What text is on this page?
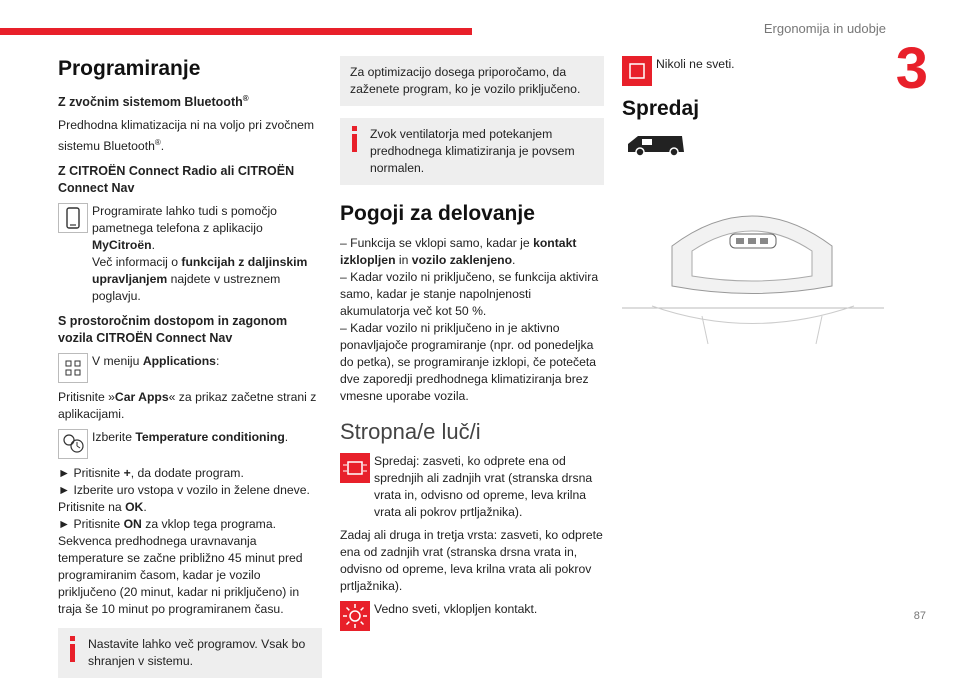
Ergonomija in udobje
3
87
Programiranje
Z zvočnim sistemom Bluetooth®

Predhodna klimatizacija ni na voljo pri zvočnem sistemu Bluetooth®.

Z CITROËN Connect Radio ali CITROËN Connect Nav
Programirate lahko tudi s pomočjo pametnega telefona z aplikacijo MyCitroën.
Več informacij o funkcijah z daljinskim upravljanjem najdete v ustreznem poglavju.
S prostoročnim dostopom in zagonom vozila CITROËN Connect Nav
V meniju Applications:

Pritisnite »Car Apps« za prikaz začetne strani z aplikacijami.

Izberite Temperature conditioning.

► Pritisnite +, da dodate program.

► Izberite uro vstopa v vozilo in želene dneve. Pritisnite na OK.

► Pritisnite ON za vklop tega programa.

Sekvenca predhodnega uravnavanja temperature se začne približno 45 minut pred programiranim časom, kadar je vozilo priključeno (20 minut, kadar ni priključeno) in traja še 10 minut po programiranem času.

Nastavite lahko več programov. Vsak bo shranjen v sistemu.
Za optimizacijo dosega priporočamo, da zaženete program, ko je vozilo priključeno.
Zvok ventilatorja med potekanjem predhodnega klimatiziranja je povsem normalen.
Pogoji za delovanje

– Funkcija se vklopi samo, kadar je kontakt izklopljen in vozilo zaklenjeno.

– Kadar vozilo ni priključeno, se funkcija aktivira samo, kadar je stanje napolnjenosti akumulatorja več kot 50 %.

– Kadar vozilo ni priključeno in je aktivno ponavljajoče programiranje (npr. od ponedeljka do petka), se programiranje izklopi, če potečeta dve zaporedji predhodnega klimatiziranja brez vmesne uporabe vozila.

Stropna/e luč/i
Spredaj: zasveti, ko odprete ena od sprednjih ali zadnjih vrat (stranska drsna vrata in, odvisno od opreme, leva krilna vrata ali pokrov prtljažnika).

Zadaj ali druga in tretja vrsta: zasveti, ko odprete ena od zadnjih vrat (stranska drsna vrata in, odvisno od opreme, leva krilna vrata ali pokrov prtljažnika).

Vedno sveti, vklopljen kontakt.
Nikoli ne sveti.
Spredaj
